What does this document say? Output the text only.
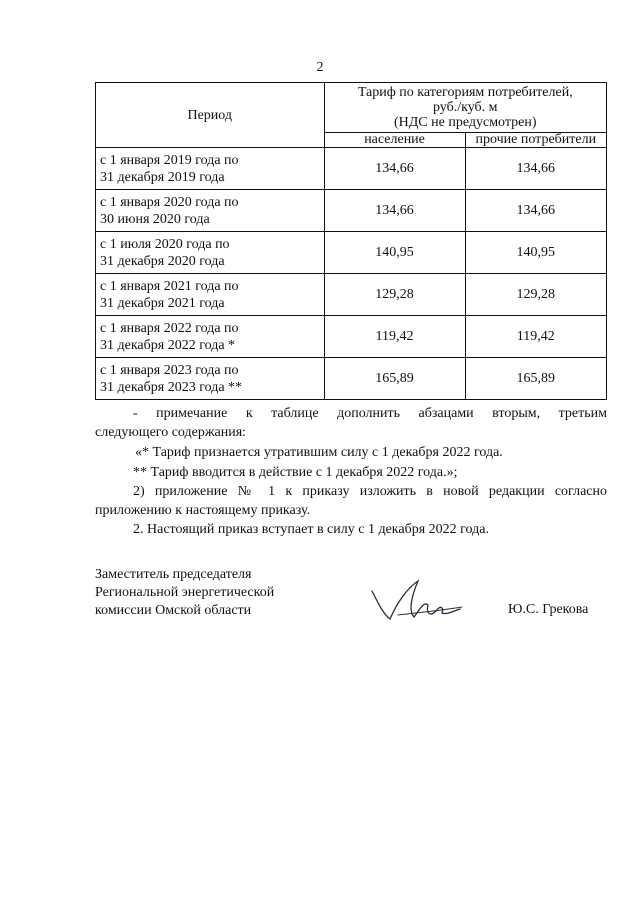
2
Период	Тариф по категориям потребителей,
руб./куб. м
(НДС не предусмотрен)	

	население	прочие потребители

с 1 января 2019 года по
31 декабря 2019 года	134,66	134,66

с 1 января 2020 года по
30 июня 2020 года	134,66	134,66

с 1 июля 2020 года по
31 декабря 2020 года	140,95	140,95

с 1 января 2021 года по
31 декабря 2021 года	129,28	129,28

с 1 января 2022 года по
31 декабря 2022 года *	119,42	119,42

с 1 января 2023 года по
31 декабря 2023 года **	165,89	165,89
- примечание к таблице дополнить абзацами вторым, третьим
следующего содержания:
«* Тариф признается утратившим силу с 1 декабря 2022 года.
** Тариф вводится в действие с 1 декабря 2022 года.»;
2) приложение № 1 к приказу изложить в новой редакции согласно
приложению к настоящему приказу.
2. Настоящий приказ вступает в силу с 1 декабря 2022 года.
Заместитель председателя
Региональной энергетической
комиссии Омской области	Ю.С. Грекова
